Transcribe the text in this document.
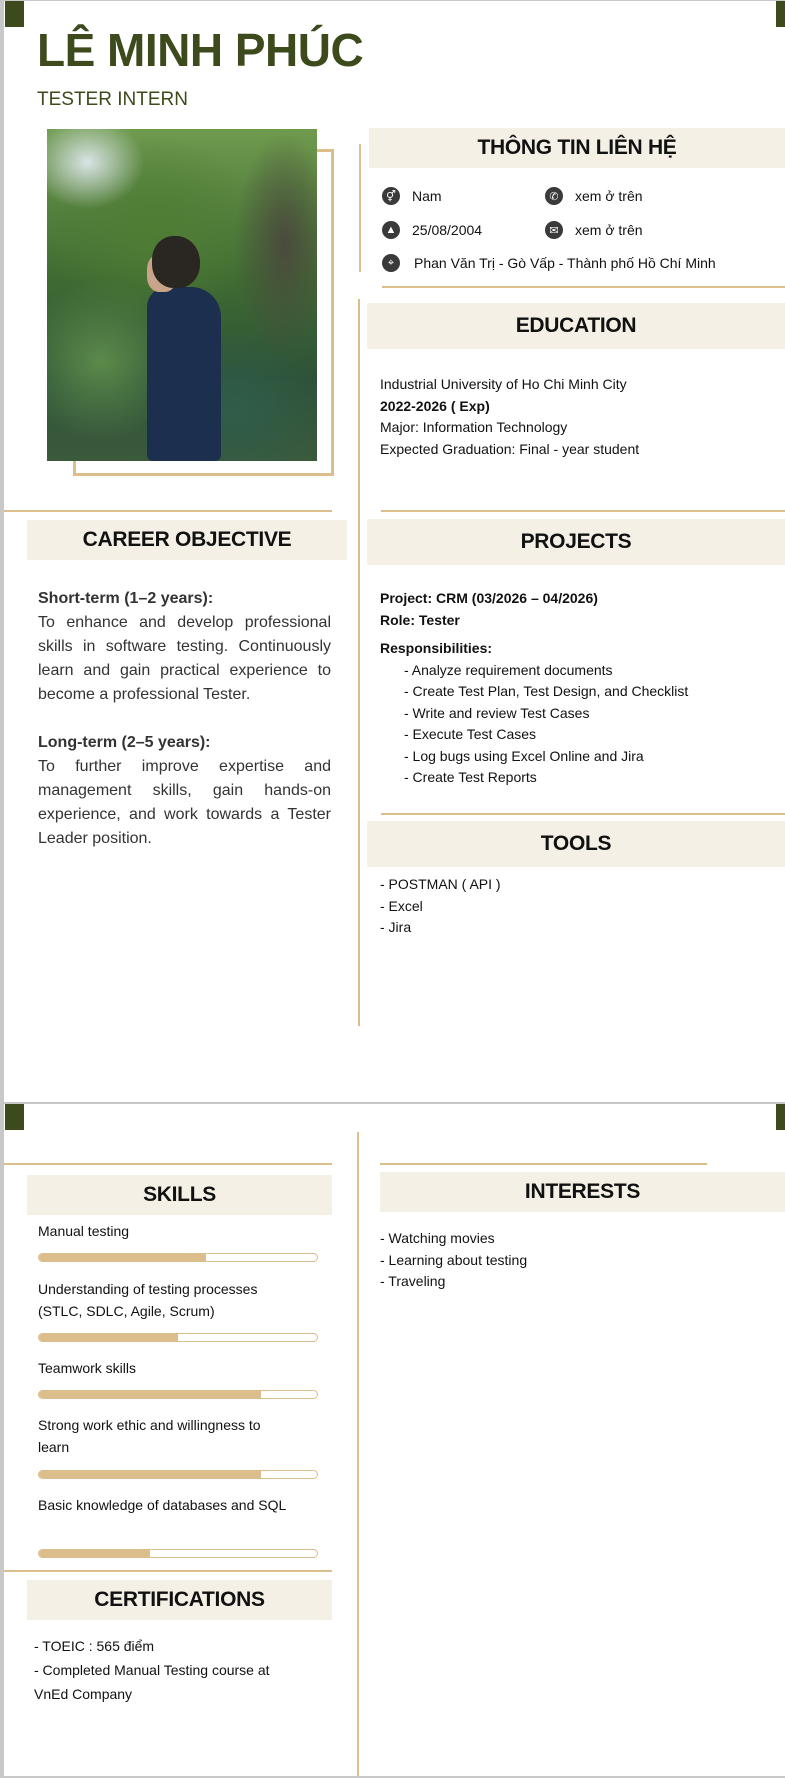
LÊ MINH PHÚC
TESTER INTERN
THÔNG TIN LIÊN HỆ
⚥ Nam	✆	xem ở trên
▲ 25/08/2004	✉	xem ở trên
⌖	Phan Văn Trị - Gò Vấp - Thành phố Hồ Chí Minh
EDUCATION
Industrial University of Ho Chi Minh City
2022-2026 ( Exp)
Major: Information Technology
Expected Graduation: Final - year student
CAREER OBJECTIVE
Short-term (1–2 years):
To enhance and develop professional skills in software testing. Continuously learn and gain practical experience to become a professional Tester.
Long-term (2–5 years):
To further improve expertise and management skills, gain hands-on experience, and work towards a Tester Leader position.
PROJECTS
Project: CRM (03/2026 – 04/2026)
Role: Tester
Responsibilities:
- Analyze requirement documents
- Create Test Plan, Test Design, and Checklist
- Write and review Test Cases
- Execute Test Cases
- Log bugs using Excel Online and Jira
- Create Test Reports
TOOLS
- POSTMAN ( API )
- Excel
- Jira
SKILLS
Manual testing
Understanding of testing processes (STLC, SDLC, Agile, Scrum)
Teamwork skills
Strong work ethic and willingness to learn
Basic knowledge of databases and SQL
CERTIFICATIONS
- TOEIC : 565 điểm
- Completed Manual Testing course at VnEd Company
INTERESTS
- Watching movies
- Learning about testing
- Traveling
